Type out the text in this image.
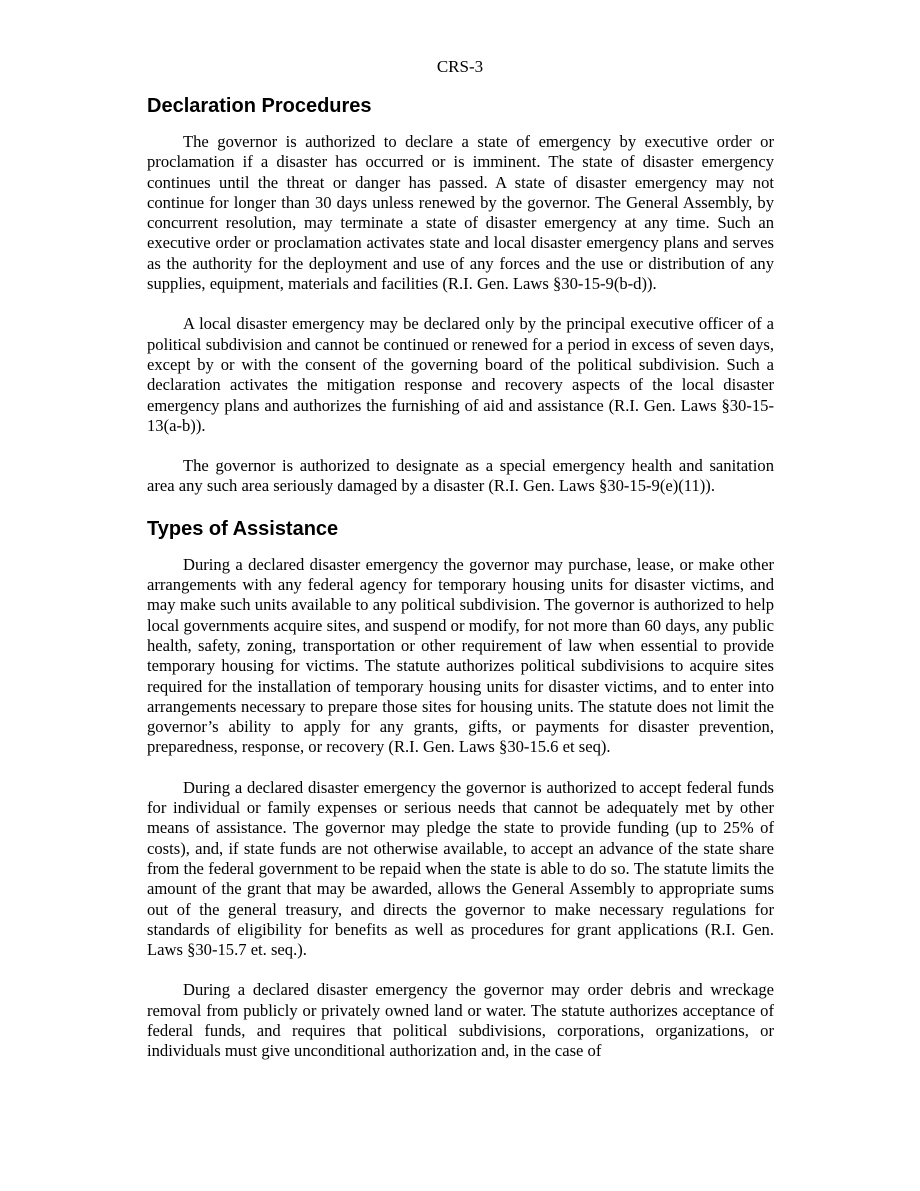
CRS-3
Declaration Procedures

The governor is authorized to declare a state of emergency by executive order or proclamation if a disaster has occurred or is imminent. The state of disaster emergency continues until the threat or danger has passed. A state of disaster emergency may not continue for longer than 30 days unless renewed by the governor. The General Assembly, by concurrent resolution, may terminate a state of disaster emergency at any time. Such an executive order or proclamation activates state and local disaster emergency plans and serves as the authority for the deployment and use of any forces and the use or distribution of any supplies, equipment, materials and facilities (R.I. Gen. Laws §30-15-9(b-d)).

A local disaster emergency may be declared only by the principal executive officer of a political subdivision and cannot be continued or renewed for a period in excess of seven days, except by or with the consent of the governing board of the political subdivision. Such a declaration activates the mitigation response and recovery aspects of the local disaster emergency plans and authorizes the furnishing of aid and assistance (R.I. Gen. Laws §30-15-13(a-b)).

The governor is authorized to designate as a special emergency health and sanitation area any such area seriously damaged by a disaster (R.I. Gen. Laws §30-15-9(e)(11)).

Types of Assistance

During a declared disaster emergency the governor may purchase, lease, or make other arrangements with any federal agency for temporary housing units for disaster victims, and may make such units available to any political subdivision. The governor is authorized to help local governments acquire sites, and suspend or modify, for not more than 60 days, any public health, safety, zoning, transportation or other requirement of law when essential to provide temporary housing for victims. The statute authorizes political subdivisions to acquire sites required for the installation of temporary housing units for disaster victims, and to enter into arrangements necessary to prepare those sites for housing units. The statute does not limit the governor’s ability to apply for any grants, gifts, or payments for disaster prevention, preparedness, response, or recovery (R.I. Gen. Laws §30-15.6 et seq).

During a declared disaster emergency the governor is authorized to accept federal funds for individual or family expenses or serious needs that cannot be adequately met by other means of assistance. The governor may pledge the state to provide funding (up to 25% of costs), and, if state funds are not otherwise available, to accept an advance of the state share from the federal government to be repaid when the state is able to do so. The statute limits the amount of the grant that may be awarded, allows the General Assembly to appropriate sums out of the general treasury, and directs the governor to make necessary regulations for standards of eligibility for benefits as well as procedures for grant applications (R.I. Gen. Laws §30-15.7 et. seq.).

During a declared disaster emergency the governor may order debris and wreckage removal from publicly or privately owned land or water. The statute authorizes acceptance of federal funds, and requires that political subdivisions, corporations, organizations, or individuals must give unconditional authorization and, in the case of
